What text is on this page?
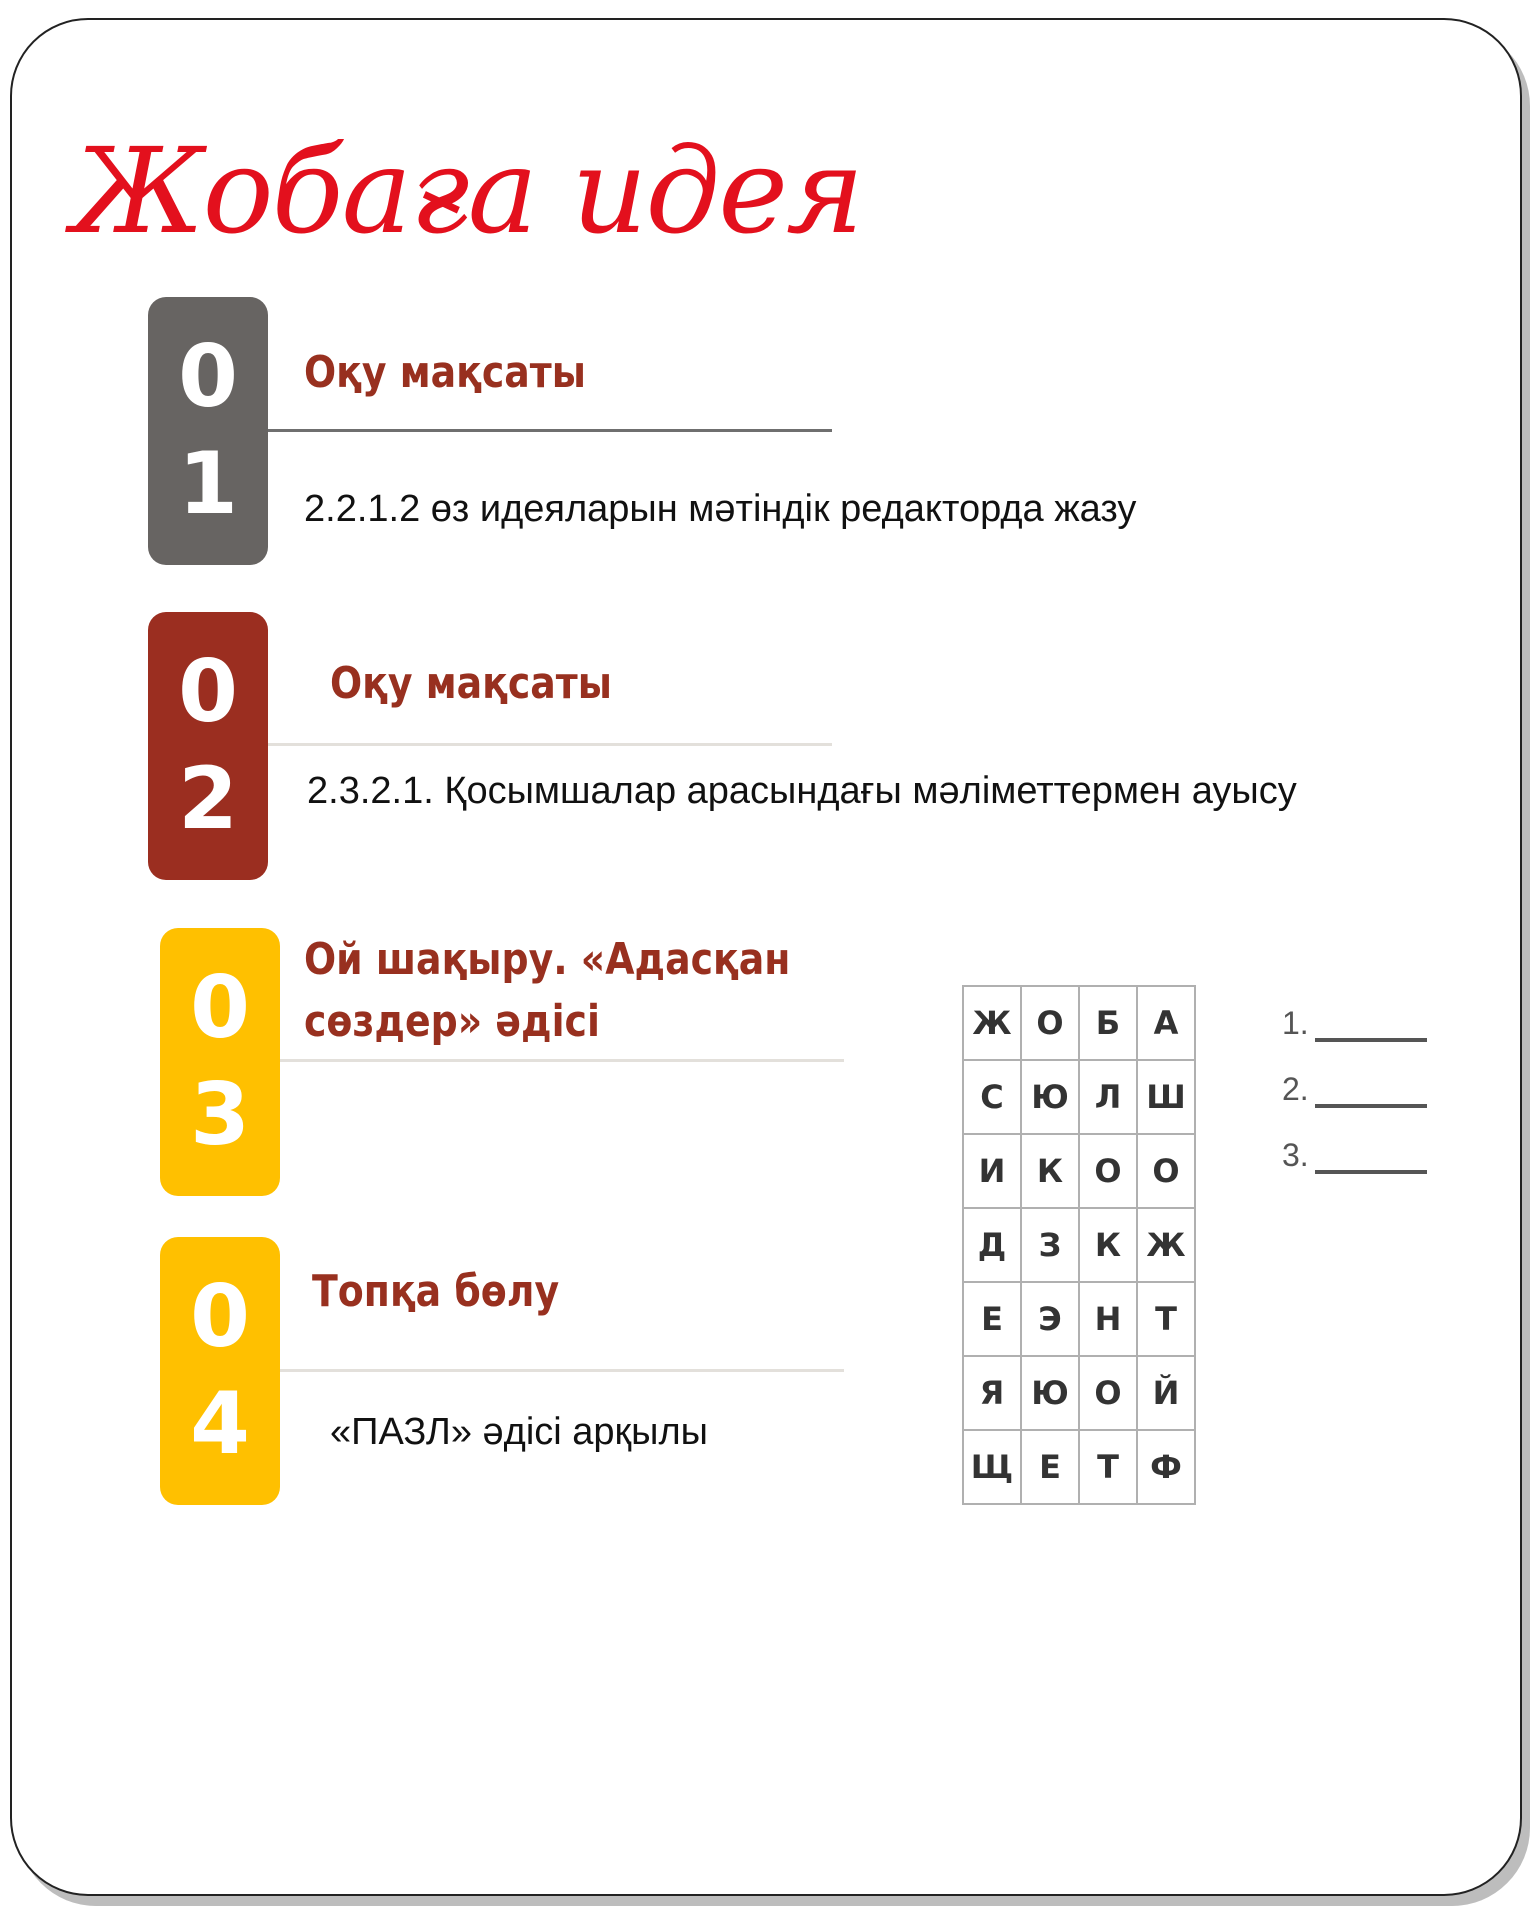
Жобаға идея
0
1
Оқу мақсаты
2.2.1.2 өз идеяларын мәтіндік редакторда жазу
0
2
Оқу мақсаты
2.3.2.1. Қосымшалар арасындағы мәліметтермен ауысу
0
3
Ой шақыру. «Адасқан
сөздер» әдісі
0
4
Топқа бөлу
«ПАЗЛ» әдісі арқылы
Ж О	Б	А
С Ю Л Ш
И К О О
Д	З	К Ж
Е	Э	Н	Т
Я Ю О Й
Щ Е	Т Ф
1.
2.
3.
